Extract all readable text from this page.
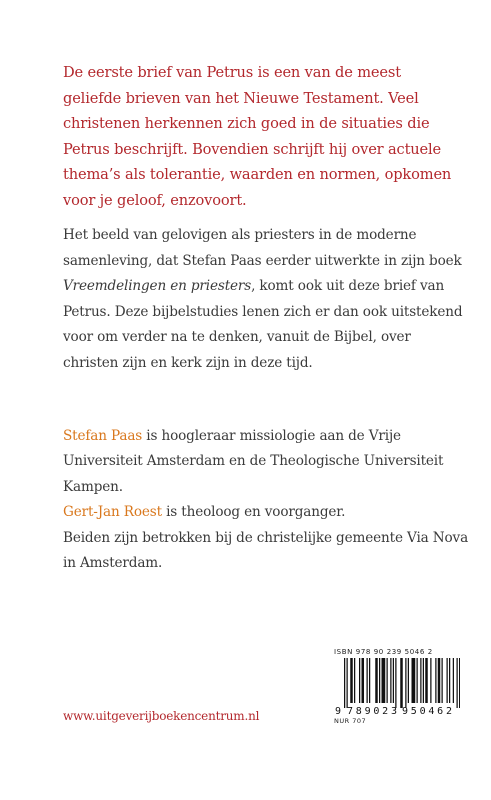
De eerste brief van Petrus is een van de meest geliefde brieven van het Nieuwe Testament. Veel christenen herkennen zich goed in de situaties die Petrus beschrijft. Bovendien schrijft hij over actuele thema’s als tolerantie, waarden en normen, opkomen voor je geloof, enzovoort.

Het beeld van gelovigen als priesters in de moderne samenleving, dat Stefan Paas eerder uitwerkte in zijn boek Vreemdelingen en priesters, komt ook uit deze brief van Petrus. Deze bijbelstudies lenen zich er dan ook uitstekend voor om verder na te denken, vanuit de Bijbel, over christen zijn en kerk zijn in deze tijd.

Stefan Paas is hoogleraar missiologie aan de Vrije Universiteit Amsterdam en de Theologische Universiteit Kampen.
Gert-Jan Roest is theoloog en voorganger.
Beiden zijn betrokken bij de christelijke gemeente Via Nova in Amsterdam.

www.uitgeverijboekencentrum.nl

ISBN 978 90 239 5046 2

9 789023 950462

NUR 707
